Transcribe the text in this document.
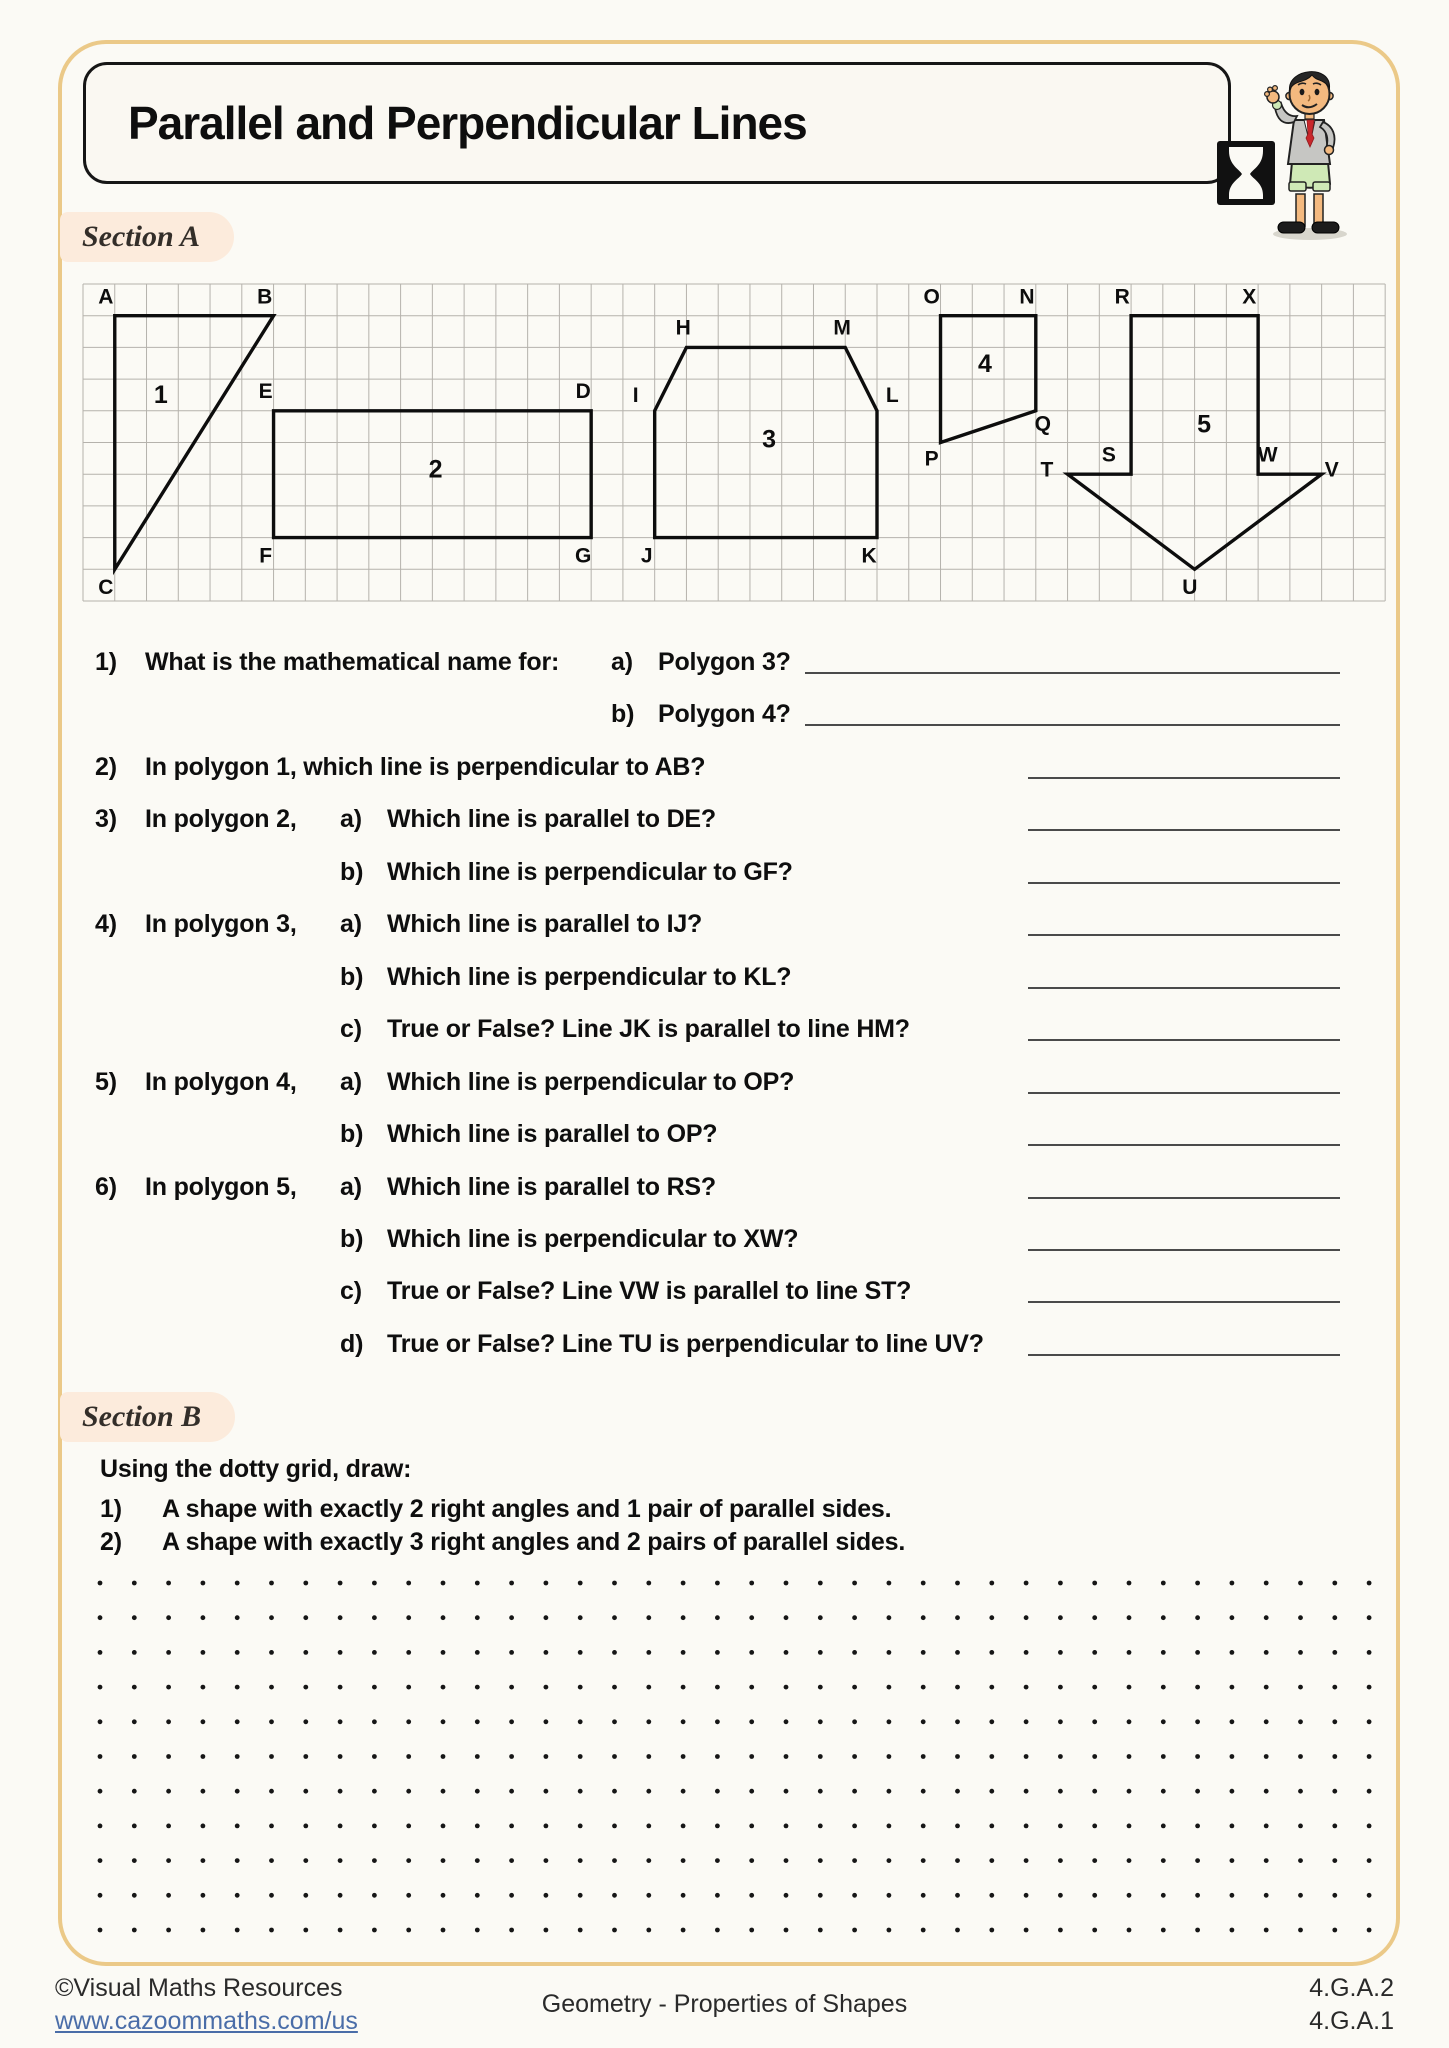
Parallel and Perpendicular Lines
Section A
1
A	B
C
2
E	D
F	G
3
I
H	M
L
J	K
4
O	N
Q
P
5
R	X
S	W
T	V
U
1) What is the mathematical name for: a) Polygon 3?
b) Polygon 4?
2) In polygon 1, which line is perpendicular to AB?
3) In polygon 2, a) Which line is parallel to DE?
b) Which line is perpendicular to GF?
4) In polygon 3, a) Which line is parallel to IJ?
b) Which line is perpendicular to KL?
c) True or False? Line JK is parallel to line HM?
5) In polygon 4, a) Which line is perpendicular to OP?
b) Which line is parallel to OP?
6) In polygon 5, a) Which line is parallel to RS?
b) Which line is perpendicular to XW?
c) True or False? Line VW is parallel to line ST?
d) True or False? Line TU is perpendicular to line UV?
Section B
Using the dotty grid, draw:
1) A shape with exactly 2 right angles and 1 pair of parallel sides.
2) A shape with exactly 3 right angles and 2 pairs of parallel sides.
©Visual Maths Resources
www.cazoommaths.com/us
Geometry - Properties of Shapes
4.G.A.2
4.G.A.1
